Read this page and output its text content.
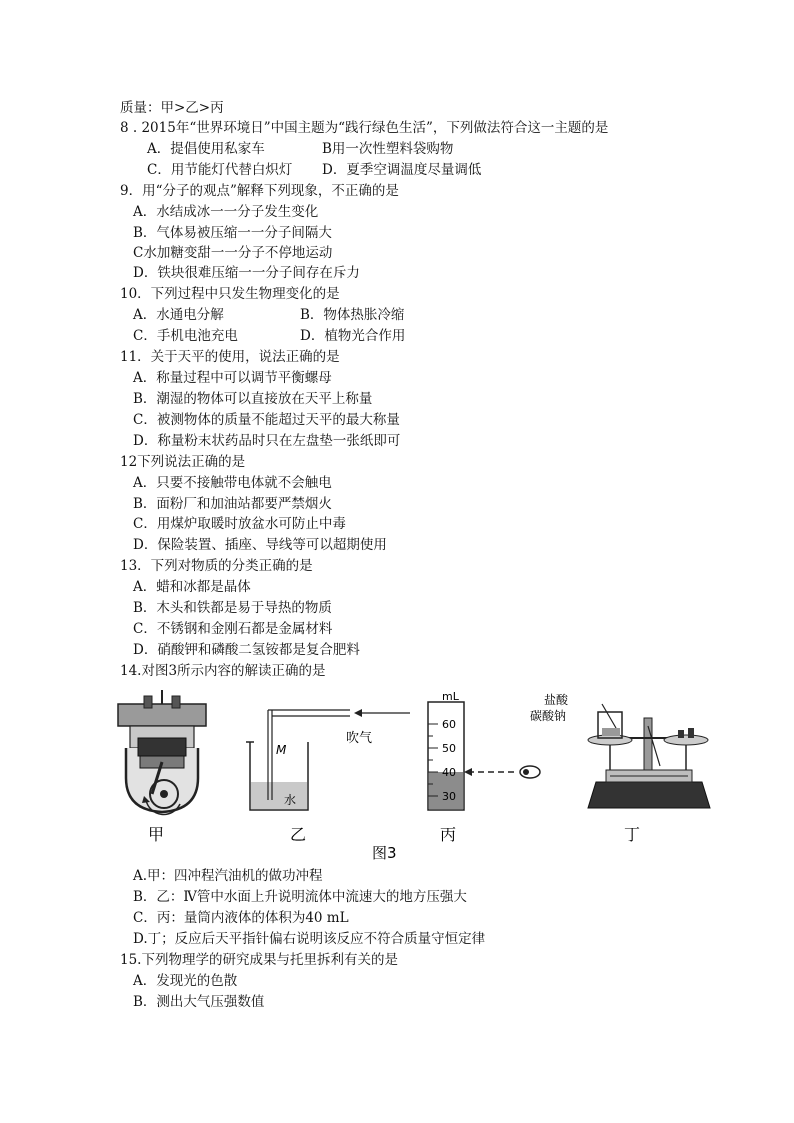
质量：甲>乙>丙
8 . 2015年“世界环境日”中国主题为“践行绿色生活”，下列做法符合这一主题的是
A．提倡使用私家车	B用一次性塑料袋购物
C．用节能灯代替白炽灯 D．夏季空调温度尽量调低
9．用“分子的观点”解释下列现象，不正确的是
A．水结成冰一一分子发生变化
B．气体易被压缩一一分子间隔大
C水加糖变甜一一分子不停地运动
D．铁块很难压缩一一分子间存在斥力
10．下列过程中只发生物理变化的是
A．水通电分解	B．物体热胀冷缩
C．手机电池充电	D．植物光合作用
11．关于天平的使用，说法正确的是
A．称量过程中可以调节平衡螺母
B．潮湿的物体可以直接放在天平上称量
C．被测物体的质量不能超过天平的最大称量
D．称量粉末状药品时只在左盘垫一张纸即可
12下列说法正确的是
A．只要不接触带电体就不会触电
B．面粉厂和加油站都要严禁烟火
C．用煤炉取暖时放盆水可防止中毒
D．保险装置、插座、导线等可以超期使用
13．下列对物质的分类正确的是
A．蜡和冰都是晶体
B．木头和铁都是易于导热的物质
C．不锈钢和金刚石都是金属材料
D．硝酸钾和磷酸二氢铵都是复合肥料
14.对图3所示内容的解读正确的是
甲
吹气
M
水
乙
mL
60
50
40
30
丙
盐酸
碳酸钠
丁
图3
A.甲：四冲程汽油机的做功冲程
B．乙：Ⅳ管中水面上升说明流体中流速大的地方压强大
C．丙：量筒内液体的体积为40 mL
D.丁；反应后天平指针偏右说明该反应不符合质量守恒定律
15.下列物理学的研究成果与托里拆利有关的是
A．发现光的色散
B．测出大气压强数值
